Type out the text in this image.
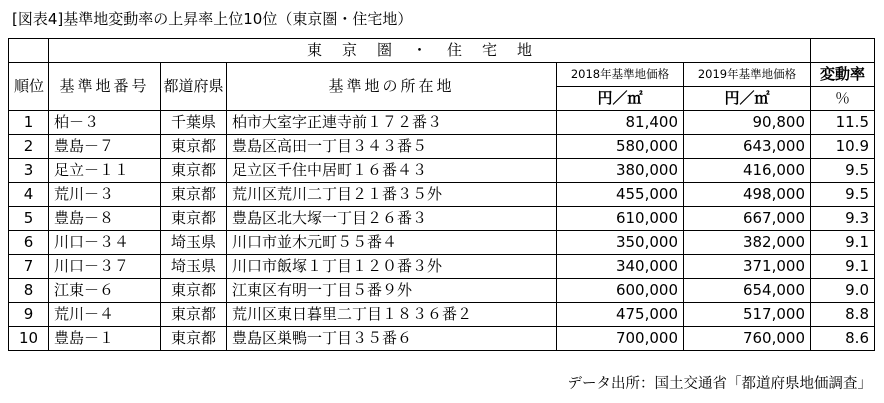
[図表4]基準地変動率の上昇率上位10位（東京圏・住宅地）
	東京圏・住宅地					
順位	基準地番号	都道府県	基準地の所在地	2018年基準地価格	2019年基準地価格	変動率
				円／㎡	円／㎡	％
1	柏－３	千葉県	柏市大室字正連寺前１７２番３	81,400	90,800	11.5
2	豊島－７	東京都	豊島区高田一丁目３４３番５	580,000	643,000	10.9
3	足立－１１	東京都	足立区千住中居町１６番４３	380,000	416,000	9.5
4	荒川－３	東京都	荒川区荒川二丁目２１番３５外	455,000	498,000	9.5
5	豊島－８	東京都	豊島区北大塚一丁目２６番３	610,000	667,000	9.3
6	川口－３４	埼玉県	川口市並木元町５５番４	350,000	382,000	9.1
7	川口－３７	埼玉県	川口市飯塚１丁目１２０番３外	340,000	371,000	9.1
8	江東－６	東京都	江東区有明一丁目５番９外	600,000	654,000	9.0
9	荒川－４	東京都	荒川区東日暮里二丁目１８３６番２	475,000	517,000	8.8
10	豊島－１	東京都	豊島区巣鴨一丁目３５番６	700,000	760,000	8.6
データ出所：国土交通省「都道府県地価調査」
